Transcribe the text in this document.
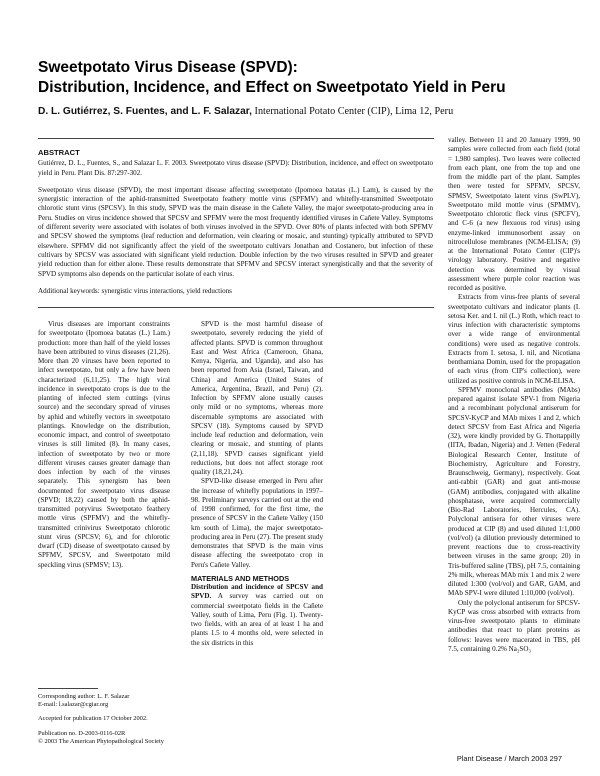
Sweetpotato Virus Disease (SPVD):
Distribution, Incidence, and Effect on Sweetpotato Yield in Peru
D. L. Gutiérrez, S. Fuentes, and L. F. Salazar, International Potato Center (CIP), Lima 12, Peru
ABSTRACT

Gutiérrez, D. L., Fuentes, S., and Salazar L. F. 2003. Sweetpotato virus disease (SPVD): Distribution, incidence, and effect on sweetpotato yield in Peru. Plant Dis. 87:297-302.

Sweetpotato virus disease (SPVD), the most important disease affecting sweetpotato (Ipomoea batatas (L.) Lam), is caused by the synergistic interaction of the aphid-transmitted Sweetpotato feathery mottle virus (SPFMV) and whitefly-transmitted Sweetpotato chlorotic stunt virus (SPCSV). In this study, SPVD was the main disease in the Cañete Valley, the major sweetpotato-producing area in Peru. Studies on virus incidence showed that SPCSV and SPFMV were the most frequently identified viruses in Cañete Valley. Symptoms of different severity were associated with isolates of both viruses involved in the SPVD. Over 80% of plants infected with both SPFMV and SPCSV showed the symptoms (leaf reduction and deformation, vein clearing or mosaic, and stunting) typically attributed to SPVD elsewhere. SPFMV did not significantly affect the yield of the sweetpotato cultivars Jonathan and Costanero, but infection of these cultivars by SPCSV was associated with significant yield reduction. Double infection by the two viruses resulted in SPVD and greater yield reduction than for either alone. These results demonstrate that SPFMV and SPCSV interact synergistically and that the severity of SPVD symptoms also depends on the particular isolate of each virus.

Additional keywords: synergistic virus interactions, yield reductions

Virus diseases are important constraints for sweetpotato (Ipomoea batatas (L.) Lam.) production: more than half of the yield losses have been attributed to virus diseases (21,26). More than 20 viruses have been reported to infect sweetpotato, but only a few have been characterized (6,11,25). The high viral incidence in sweetpotato crops is due to the planting of infected stem cuttings (virus source) and the secondary spread of viruses by aphid and whitefly vectors in sweetpotato plantings. Knowledge on the distribution, economic impact, and control of sweetpotato viruses is still limited (8). In many cases, infection of sweetpotato by two or more different viruses causes greater damage than does infection by each of the viruses separately. This synergism has been documented for sweetpotato virus disease (SPVD; 18,22) caused by both the aphid-transmitted potyvirus Sweetpotato feathery mottle virus (SPFMV) and the whitefly-transmitted crinivirus Sweetpotato chlorotic stunt virus (SPCSV; 6), and for chlorotic dwarf (CD) disease of sweetpotato caused by SPFMV, SPCSV, and Sweetpotato mild speckling virus (SPMSV; 13).

Corresponding author: L. F. Salazar
E-mail: l.salazar@cgiar.org
Accepted for publication 17 October 2002.
Publication no. D-2003-0116-02R
© 2003 The American Phytopathological Society

SPVD is the most harmful disease of sweetpotato, severely reducing the yield of affected plants. SPVD is common throughout East and West Africa (Cameroon, Ghana, Kenya, Nigeria, and Uganda), and also has been reported from Asia (Israel, Taiwan, and China) and America (United States of America, Argentina, Brazil, and Peru) (2). Infection by SPFMV alone usually causes only mild or no symptoms, whereas more discernable symptoms are associated with SPCSV (18). Symptoms caused by SPVD include leaf reduction and deformation, vein clearing or mosaic, and stunting of plants (2,11,18). SPVD causes significant yield reductions, but does not affect storage root quality (18,21,24).

SPVD-like disease emerged in Peru after the increase of whitefly populations in 1997–98. Preliminary surveys carried out at the end of 1998 confirmed, for the first time, the presence of SPCSV in the Cañete Valley (150 km south of Lima), the major sweetpotato-producing area in Peru (27). The present study demonstrates that SPVD is the main virus disease affecting the sweetpotato crop in Peru's Cañete Valley.

MATERIALS AND METHODS

Distribution and incidence of SPCSV and SPVD. A survey was carried out on commercial sweetpotato fields in the Cañete Valley, south of Lima, Peru (Fig. 1). Twenty-two fields, with an area of at least 1 ha and plants 1.5 to 4 months old, were selected in the six districts in this

valley. Between 11 and 20 January 1999, 90 samples were collected from each field (total = 1,980 samples). Two leaves were collected from each plant, one from the top and one from the middle part of the plant. Samples then were tested for SPFMV, SPCSV, SPMSV, Sweetpotato latent virus (SwPLV), Sweetpotato mild mottle virus (SPMMV), Sweetpotato chlorotic fleck virus (SPCFV), and C-6 (a new flexuous rod virus) using enzyme-linked immunosorbent assay on nitrocellulose membranes (NCM-ELISA; (9) at the International Potato Center (CIP)'s virology laboratory. Positive and negative detection was determined by visual assessment where purple color reaction was recorded as positive.

Extracts from virus-free plants of several sweetpotato cultivars and indicator plants (I. setosa Ker. and I. nil (L.) Roth, which react to virus infection with characteristic symptoms over a wide range of environmental conditions) were used as negative controls. Extracts from I. setosa, I. nil, and Nicotiana benthamiana Domin, used for the propagation of each virus (from CIP's collection), were utilized as positive controls in NCM-ELISA.

SPFMV monoclonal antibodies (MAbs) prepared against isolate SPV-1 from Nigeria and a recombinant polyclonal antiserum for SPCSV-KyCP and MAb mixes 1 and 2, which detect SPCSV from East Africa and Nigeria (32), were kindly provided by G. Thottappilly (IITA, Ibadan, Nigeria) and J. Vetten (Federal Biological Research Center, Institute of Biochemistry, Agriculture and Forestry, Braunschweig, Germany), respectively. Goat anti-rabbit (GAR) and goat anti-mouse (GAM) antibodies, conjugated with alkaline phosphatase, were acquired commercially (Bio-Rad Laboratories, Hercules, CA). Polyclonal antisera for other viruses were produced at CIP (8) and used diluted 1:1,000 (vol/vol) (a dilution previously determined to prevent reactions due to cross-reactivity between viruses in the same group; 20) in Tris-buffered saline (TBS), pH 7.5, containing 2% milk, whereas MAb mix 1 and mix 2 were diluted 1:300 (vol/vol) and GAR, GAM, and MAb SPV-I were diluted 1:10,000 (vol/vol).

Only the polyclonal antiserum for SPCSV-KyCP was cross absorbed with extracts from virus-free sweetpotato plants to eliminate antibodies that react to plant proteins as follows: leaves were macerated in TBS, pH 7.5, containing 0.2% Na₂SO₃

Plant Disease / March 2003 297
